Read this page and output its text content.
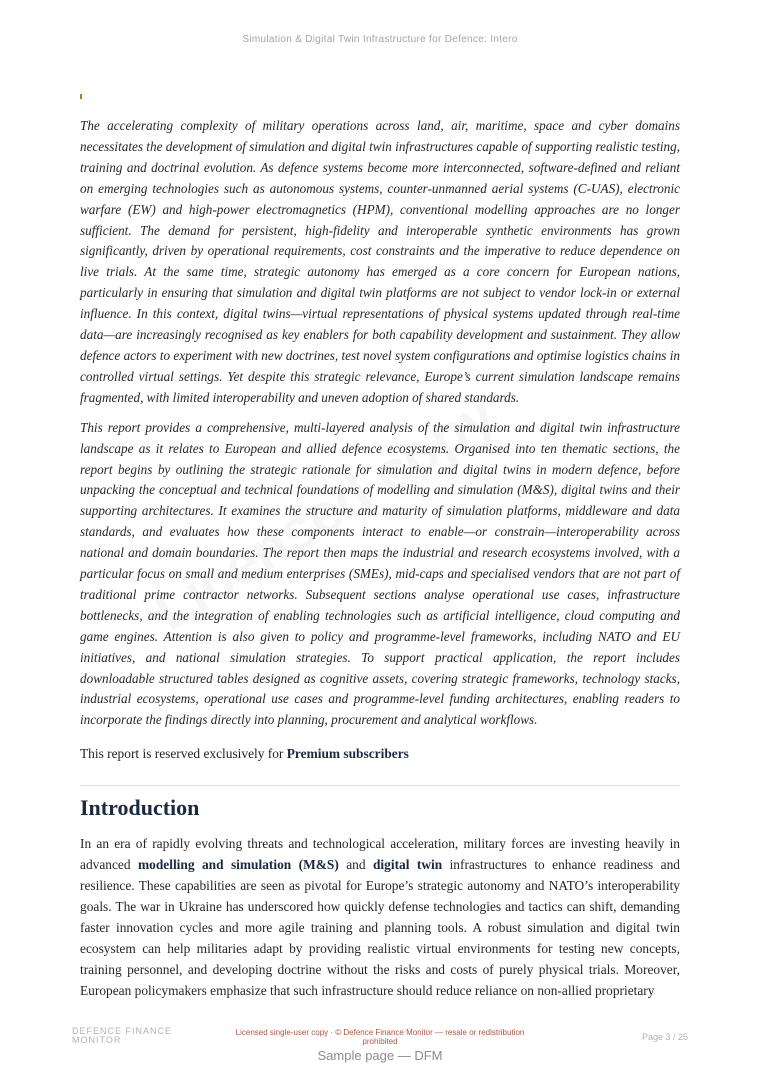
Simulation & Digital Twin Infrastructure for Defence: Intero

The accelerating complexity of military operations across land, air, maritime, space and cyber domains necessitates the development of simulation and digital twin infrastructures capable of supporting realistic testing, training and doctrinal evolution. As defence systems become more interconnected, software-defined and reliant on emerging technologies such as autonomous systems, counter-unmanned aerial systems (C-UAS), electronic warfare (EW) and high-power electromagnetics (HPM), conventional modelling approaches are no longer sufficient. The demand for persistent, high-fidelity and interoperable synthetic environments has grown significantly, driven by operational requirements, cost constraints and the imperative to reduce dependence on live trials. At the same time, strategic autonomy has emerged as a core concern for European nations, particularly in ensuring that simulation and digital twin platforms are not subject to vendor lock-in or external influence. In this context, digital twins—virtual representations of physical systems updated through real-time data—are increasingly recognised as key enablers for both capability development and sustainment. They allow defence actors to experiment with new doctrines, test novel system configurations and optimise logistics chains in controlled virtual settings. Yet despite this strategic relevance, Europe’s current simulation landscape remains fragmented, with limited interoperability and uneven adoption of shared standards.

This report provides a comprehensive, multi-layered analysis of the simulation and digital twin infrastructure landscape as it relates to European and allied defence ecosystems. Organised into ten thematic sections, the report begins by outlining the strategic rationale for simulation and digital twins in modern defence, before unpacking the conceptual and technical foundations of modelling and simulation (M&S), digital twins and their supporting architectures. It examines the structure and maturity of simulation platforms, middleware and data standards, and evaluates how these components interact to enable—or constrain—interoperability across national and domain boundaries. The report then maps the industrial and research ecosystems involved, with a particular focus on small and medium enterprises (SMEs), mid-caps and specialised vendors that are not part of traditional prime contractor networks. Subsequent sections analyse operational use cases, infrastructure bottlenecks, and the integration of enabling technologies such as artificial intelligence, cloud computing and game engines. Attention is also given to policy and programme-level frameworks, including NATO and EU initiatives, and national simulation strategies. To support practical application, the report includes downloadable structured tables designed as cognitive assets, covering strategic frameworks, technology stacks, industrial ecosystems, operational use cases and programme-level funding architectures, enabling readers to incorporate the findings directly into planning, procurement and analytical workflows.

This report is reserved exclusively for Premium subscribers

Introduction

In an era of rapidly evolving threats and technological acceleration, military forces are investing heavily in advanced modelling and simulation (M&S) and digital twin infrastructures to enhance readiness and resilience. These capabilities are seen as pivotal for Europe’s strategic autonomy and NATO’s interoperability goals. The war in Ukraine has underscored how quickly defense technologies and tactics can shift, demanding faster innovation cycles and more agile training and planning tools. A robust simulation and digital twin ecosystem can help militaries adapt by providing realistic virtual environments for testing new concepts, training personnel, and developing doctrine without the risks and costs of purely physical trials. Moreover, European policymakers emphasize that such infrastructure should reduce reliance on non-allied proprietary

DEFENCE FINANCE
MONITOR
Licensed single-user copy · © Defence Finance Monitor — resale or redistribution prohibited	Page 3 / 25
Sample page — DFM
